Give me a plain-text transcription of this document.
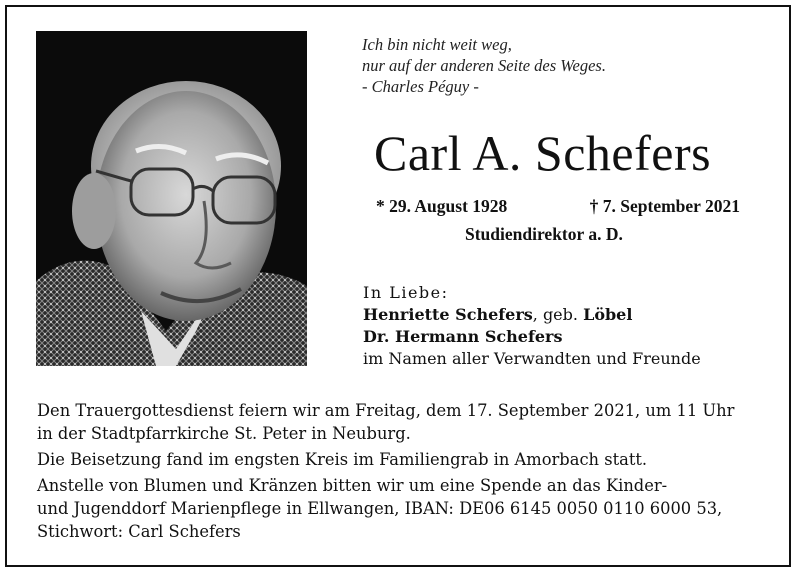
Ich bin nicht weit weg,
nur auf der anderen Seite des Weges.
- Charles Péguy -
Carl A. Schefers
* 29. August 1928	† 7. September 2021
Studiendirektor a. D.
In Liebe:
Henriette Schefers, geb. Löbel
Dr. Hermann Schefers
im Namen aller Verwandten und Freunde

Den Trauergottesdienst feiern wir am Freitag, dem 17. September 2021, um 11 Uhr
in der Stadtpfarrkirche St. Peter in Neuburg.

Die Beisetzung fand im engsten Kreis im Familiengrab in Amorbach statt.

Anstelle von Blumen und Kränzen bitten wir um eine Spende an das Kinder-
und Jugenddorf Marienpflege in Ellwangen, IBAN: DE06 6145 0050 0110 6000 53,
Stichwort: Carl Schefers
